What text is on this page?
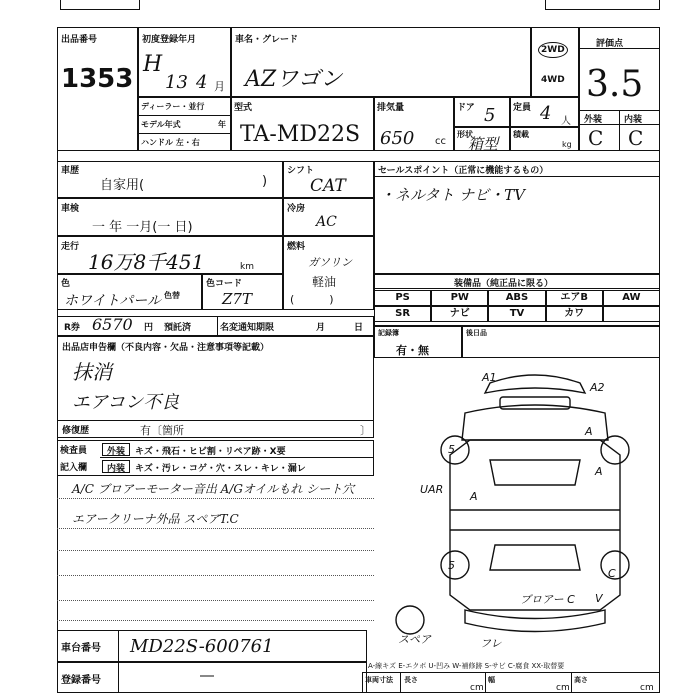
出品番号
1353
初度登録年月
H
13 4 月
車名・グレード
AZワゴン
2WD
4WD
評価点
3.5
外装 内装
C C
ディーラー・並行
モデル年式	年
ハンドル 左・右
型式
TA-MD22S
排気量
650 cc
ドア 5
形状
箱型
定員 4 人
積載
kg
車歴
自家用(	)
シフト
CAT
セールスポイント（正常に機能するもの）
・ネルタト ナビ・TV
車検
一 年 一月(一 日)
冷房
AC
走行
16万8千451	km
燃料
ガソリン
軽油
(          )
色
ホワイトパール 色替
色コード
Z7T
装備品（純正品に限る）
PS	PW	ABS	エアB	AW
SR	ナビ	TV	カワ
R券 6570 円 預託済	名変通知期限	月	日 記録簿
有・無
後日品
出品店申告欄（不良内容・欠品・注意事項等記載）
抹消
エアコン不良
修復歴	有〔箇所	〕
検査員
記入欄
外装
内装
キズ・飛石・ヒビ割・リペア跡・X要
キズ・汚レ・コゲ・穴・スレ・キレ・漏レ
A/C ブロアーモーター音出 A/Gオイルもれ シート穴
エアークリーナ外品 スペアT.C
A1
A2
5
A
UAR
A
A
5
C
V
ブロアー C
スペア	フレ
車台番号 MD22S-600761
登録番号	―
A-線キズ E-エクボ U-凹み W-補修跡 S-サビ C-腐食 XX-取替要
車両寸法 長さ
cm
幅
cm
高さ
cm
